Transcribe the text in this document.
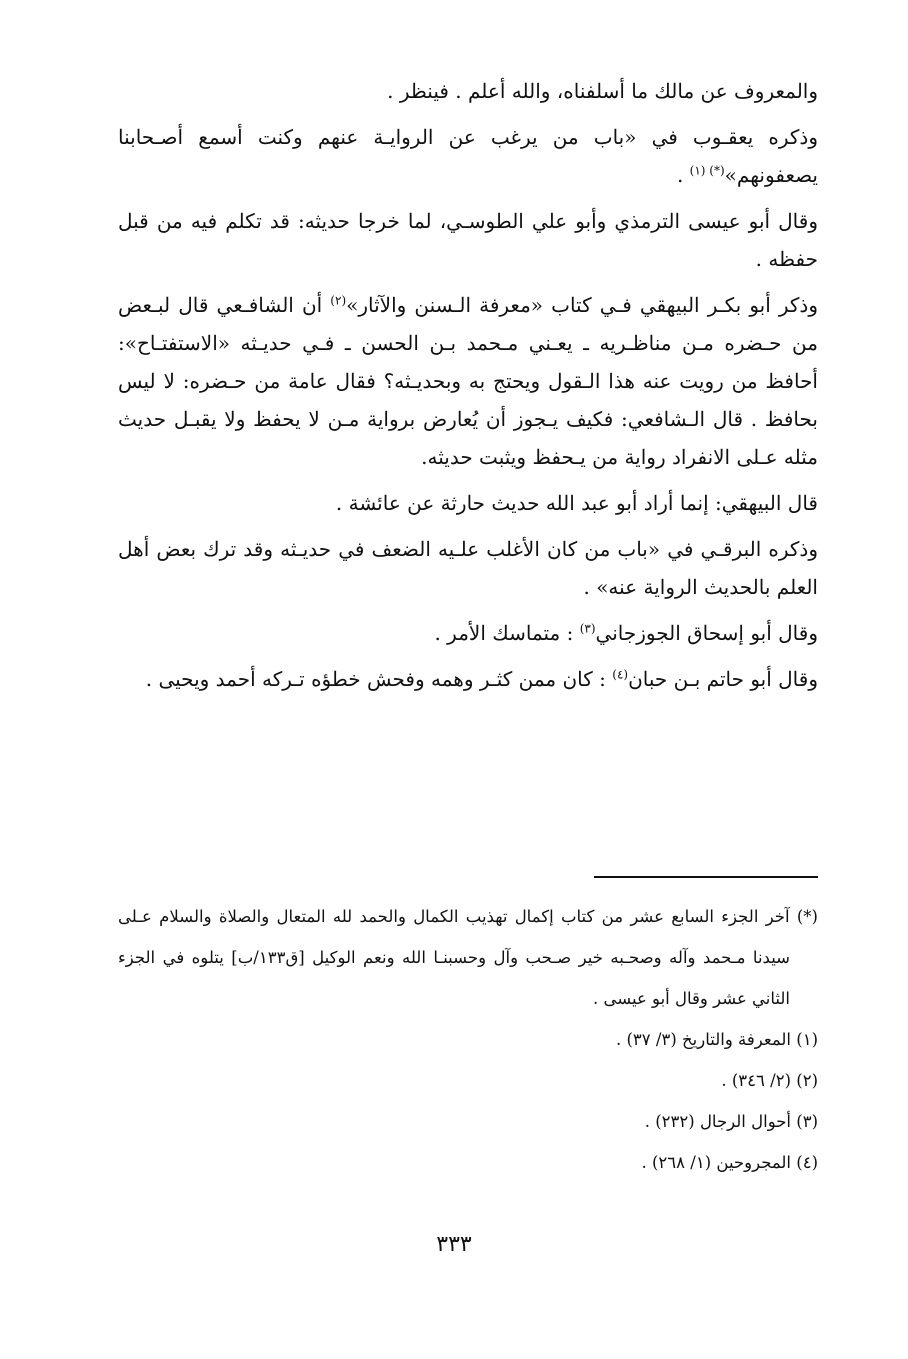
والمعروف عن مالك ما أسلفناه، والله أعلم . فينظر .

وذكره يعقـوب في «باب من يرغب عن الروايـة عنهم وكنت أسمع أصـحابنا يصعفونهم»$^{(*) (١)}$ .

وقال أبو عيسى الترمذي وأبو علي الطوسـي، لما خرجا حديثه: قد تكلم فيه من قبل حفظه .

وذكر أبو بكـر البيهقي فـي كتاب «معرفة الـسنن والآثار»$^{(٢)}$ أن الشافـعي قال لبـعض من حـضره مـن مناظـريه ـ يعـني مـحمد بـن الحسن ـ فـي حديـثه «الاستفتـاح»: أحافظ من رويت عنه هذا الـقول ويحتج به وبحديـثه؟ فقال عامة من حـضره: لا ليس بحافظ . قال الـشافعي: فكيف يـجوز أن يُعارض برواية مـن لا يحفظ ولا يقبـل حديث مثله عـلى الانفراد رواية من يـحفظ ويثبت حديثه.

قال البيهقي: إنما أراد أبو عبد الله حديث حارثة عن عائشة .

وذكره البرقـي في «باب من كان الأغلب علـيه الضعف في حديـثه وقد ترك بعض أهل العلم بالحديث الرواية عنه» .

وقال أبو إسحاق الجوزجاني$^{(٣)}$ : متماسك الأمر .

وقال أبو حاتم بـن حبان$^{(٤)}$ : كان ممن كثـر وهمه وفحش خطؤه تـركه أحمد ويحيى .

(*) آخر الجزء السابع عشر من كتاب إكمال تهذيب الكمال والحمد لله المتعال والصلاة والسلام عـلى سيدنا مـحمد وآله وصحـبه خير صـحب وآل وحسبنـا الله ونعم الوكيل [ق١٣٣/ب] يتلوه في الجزء الثاني عشر وقال أبو عيسى .

(١) المعرفة والتاريخ (٣/ ٣٧) .

(٢) (٢/ ٣٤٦) .

(٣) أحوال الرجال (٢٣٢) .

(٤) المجروحين (١/ ٢٦٨) .

٣٣٣
